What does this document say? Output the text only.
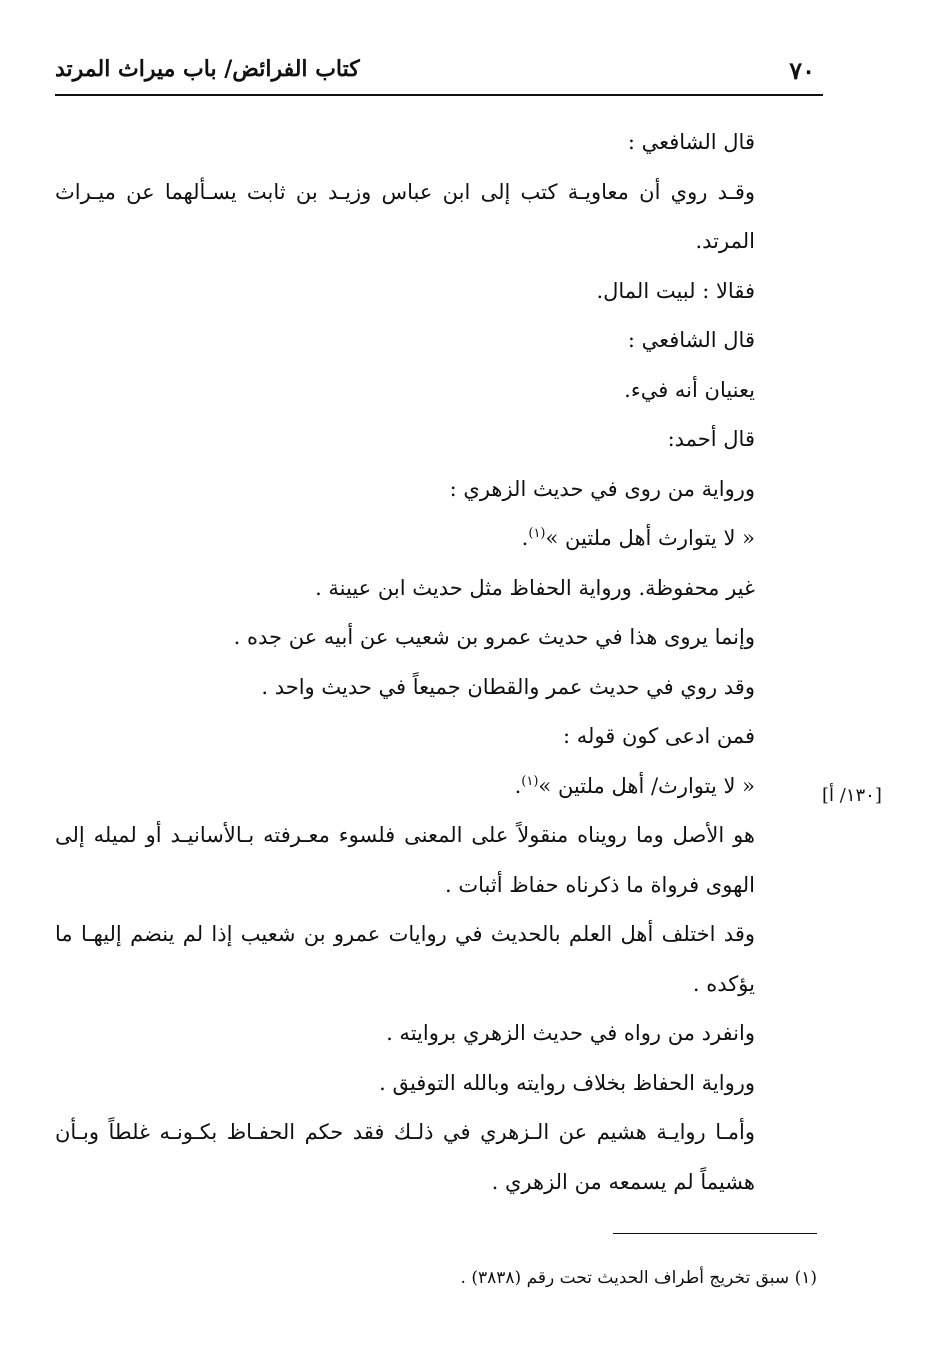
٧٠
كتاب الفرائض/ باب ميراث المرتد

قال الشافعي :

وقـد روي أن معاويـة كتب إلى ابن عباس وزيـد بن ثابت يسـألهما عن ميـراث المرتد.

فقالا : لبيت المال.

قال الشافعي :

يعنيان أنه فيء.

قال أحمد:

ورواية من روى في حديث الزهري :

« لا يتوارث أهل ملتين »$^{(١)}$.

غير محفوظة. ورواية الحفاظ مثل حديث ابن عيينة .

وإنما يروى هذا في حديث عمرو بن شعيب عن أبيه عن جده .

وقد روي في حديث عمر والقطان جميعاً في حديث واحد .

فمن ادعى كون قوله :

« لا يتوارث/ أهل ملتين »$^{(١)}$.

هو الأصل وما رويناه منقولاً على المعنى فلسوء معـرفته بـالأسانيـد أو لميله إلى الهوى فرواة ما ذكرناه حفاظ أثبات .

وقد اختلف أهل العلم بالحديث في روايات عمرو بن شعيب إذا لم ينضم إليهـا ما يؤكده .

وانفرد من رواه في حديث الزهري بروايته .

ورواية الحفاظ بخلاف روايته وبالله التوفيق .

وأمـا روايـة هشيم عن الـزهري في ذلـك فقد حكم الحفـاظ بكـونـه غلطاً وبـأن هشيماً لم يسمعه من الزهري .

[١٣٠/ أ]
(١) سبق تخريج أطراف الحديث تحت رقم (٣٨٣٨) .
